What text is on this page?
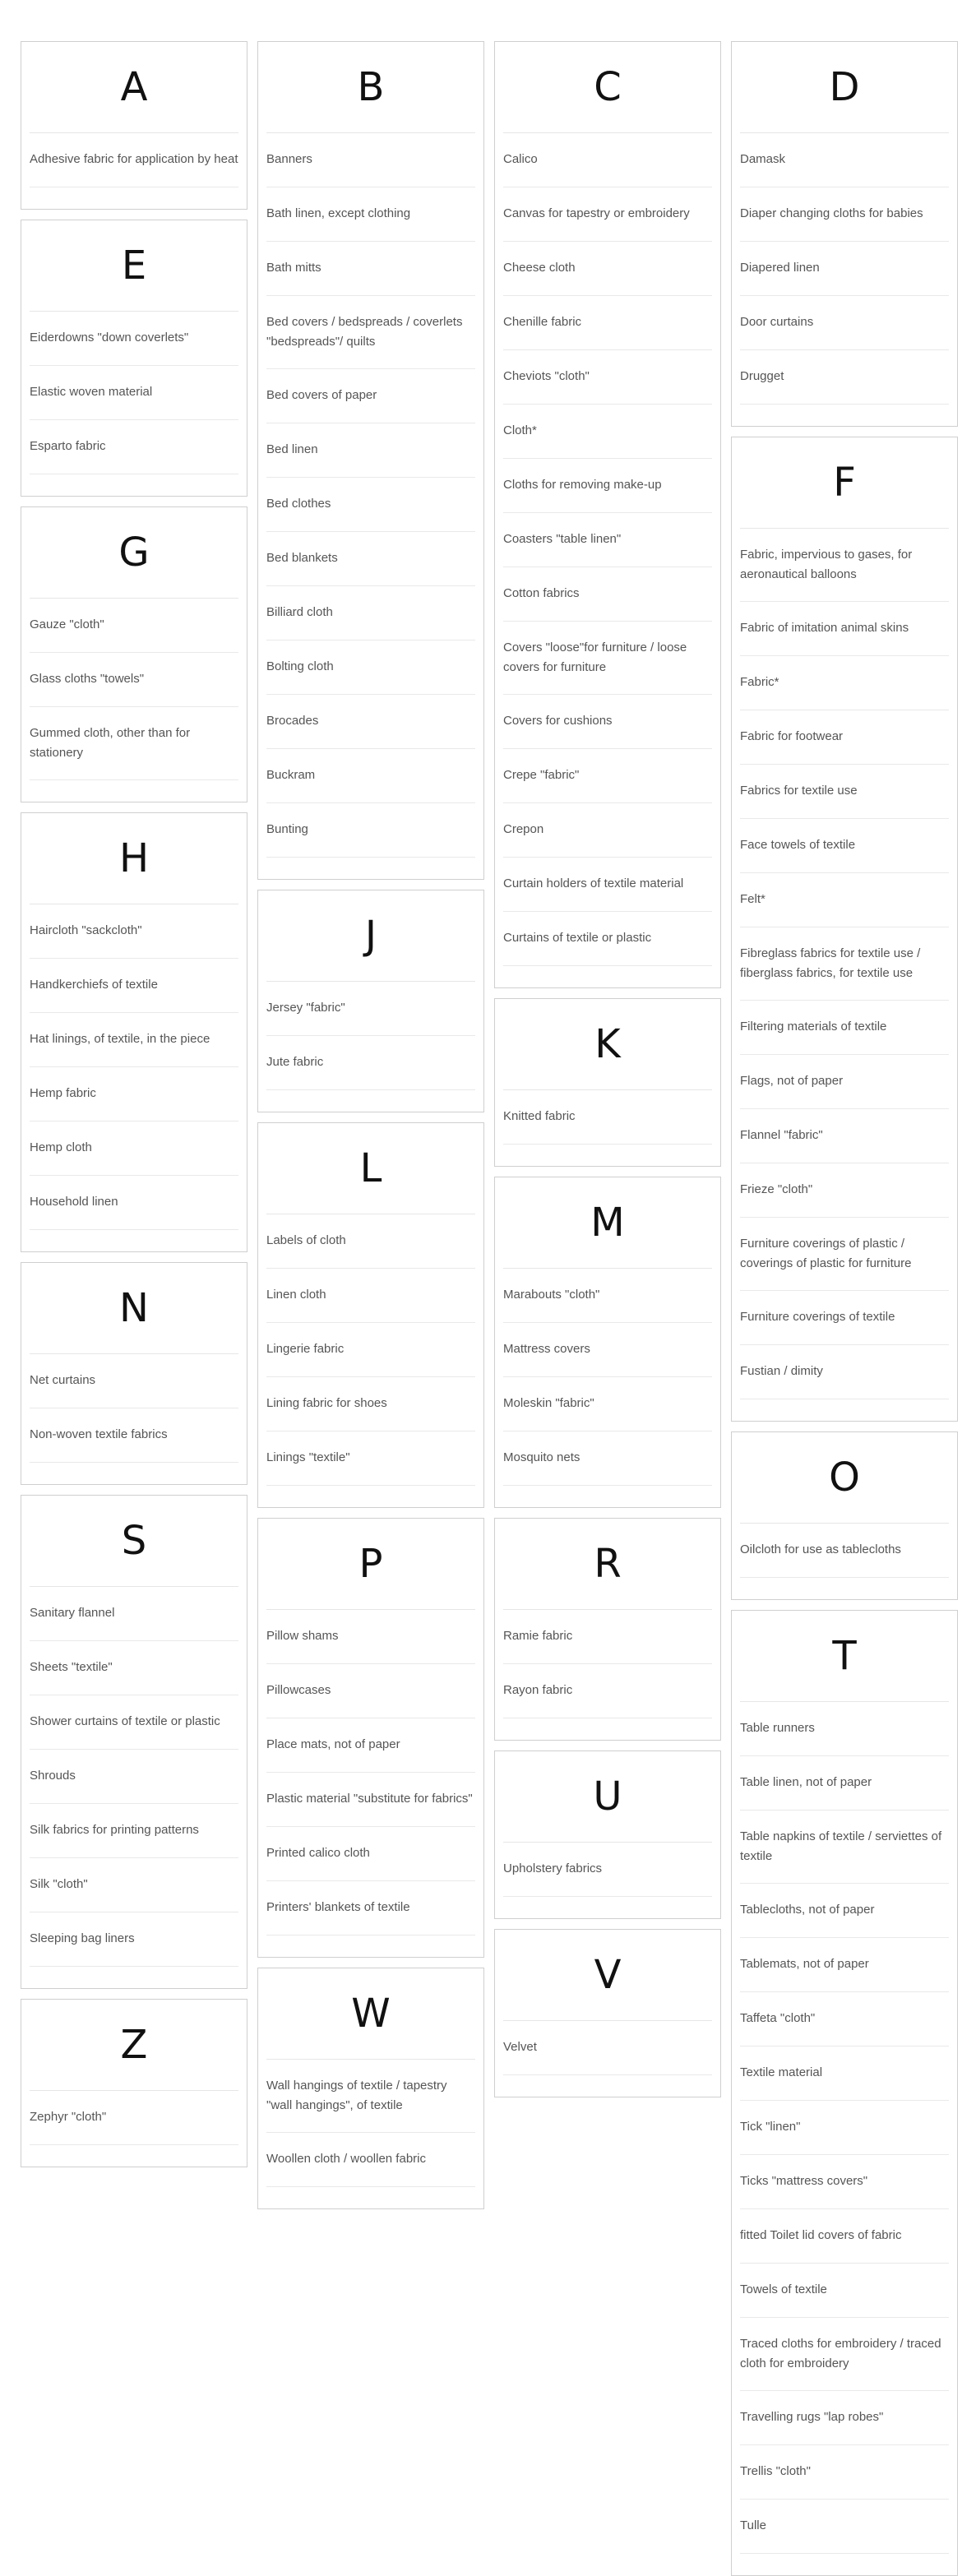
A
Adhesive fabric for application by heat
E
Eiderdowns "down coverlets"
Elastic woven material
Esparto fabric
G
Gauze "cloth"
Glass cloths "towels"
Gummed cloth, other than for stationery
H
Haircloth "sackcloth"
Handkerchiefs of textile
Hat linings, of textile, in the piece
Hemp fabric
Hemp cloth
Household linen
N
Net curtains
Non-woven textile fabrics
S
Sanitary flannel
Sheets "textile"
Shower curtains of textile or plastic
Shrouds
Silk fabrics for printing patterns
Silk "cloth"
Sleeping bag liners
Z
Zephyr "cloth"
B
Banners
Bath linen, except clothing
Bath mitts
Bed covers / bedspreads / coverlets "bedspreads"/ quilts
Bed covers of paper
Bed linen
Bed clothes
Bed blankets
Billiard cloth
Bolting cloth
Brocades
Buckram
Bunting
J
Jersey "fabric"
Jute fabric
L
Labels of cloth
Linen cloth
Lingerie fabric
Lining fabric for shoes
Linings "textile"
P
Pillow shams
Pillowcases
Place mats, not of paper
Plastic material "substitute for fabrics"
Printed calico cloth
Printers' blankets of textile
W
Wall hangings of textile / tapestry "wall hangings", of textile
Woollen cloth / woollen fabric
C
Calico
Canvas for tapestry or embroidery
Cheese cloth
Chenille fabric
Cheviots "cloth"
Cloth*
Cloths for removing make-up
Coasters "table linen"
Cotton fabrics
Covers "loose"for furniture / loose covers for furniture
Covers for cushions
Crepe "fabric"
Crepon
Curtain holders of textile material
Curtains of textile or plastic
K
Knitted fabric
M
Marabouts "cloth"
Mattress covers
Moleskin "fabric"
Mosquito nets
R
Ramie fabric
Rayon fabric
U
Upholstery fabrics
V
Velvet
D
Damask
Diaper changing cloths for babies
Diapered linen
Door curtains
Drugget
F
Fabric, impervious to gases, for aeronautical balloons
Fabric of imitation animal skins
Fabric*
Fabric for footwear
Fabrics for textile use
Face towels of textile
Felt*
Fibreglass fabrics for textile use / fiberglass fabrics, for textile use
Filtering materials of textile
Flags, not of paper
Flannel "fabric"
Frieze "cloth"
Furniture coverings of plastic / coverings of plastic for furniture
Furniture coverings of textile
Fustian / dimity
O
Oilcloth for use as tablecloths
T
Table runners
Table linen, not of paper
Table napkins of textile / serviettes of textile
Tablecloths, not of paper
Tablemats, not of paper
Taffeta "cloth"
Textile material
Tick "linen"
Ticks "mattress covers"
fitted Toilet lid covers of fabric
Towels of textile
Traced cloths for embroidery / traced cloth for embroidery
Travelling rugs "lap robes"
Trellis "cloth"
Tulle
